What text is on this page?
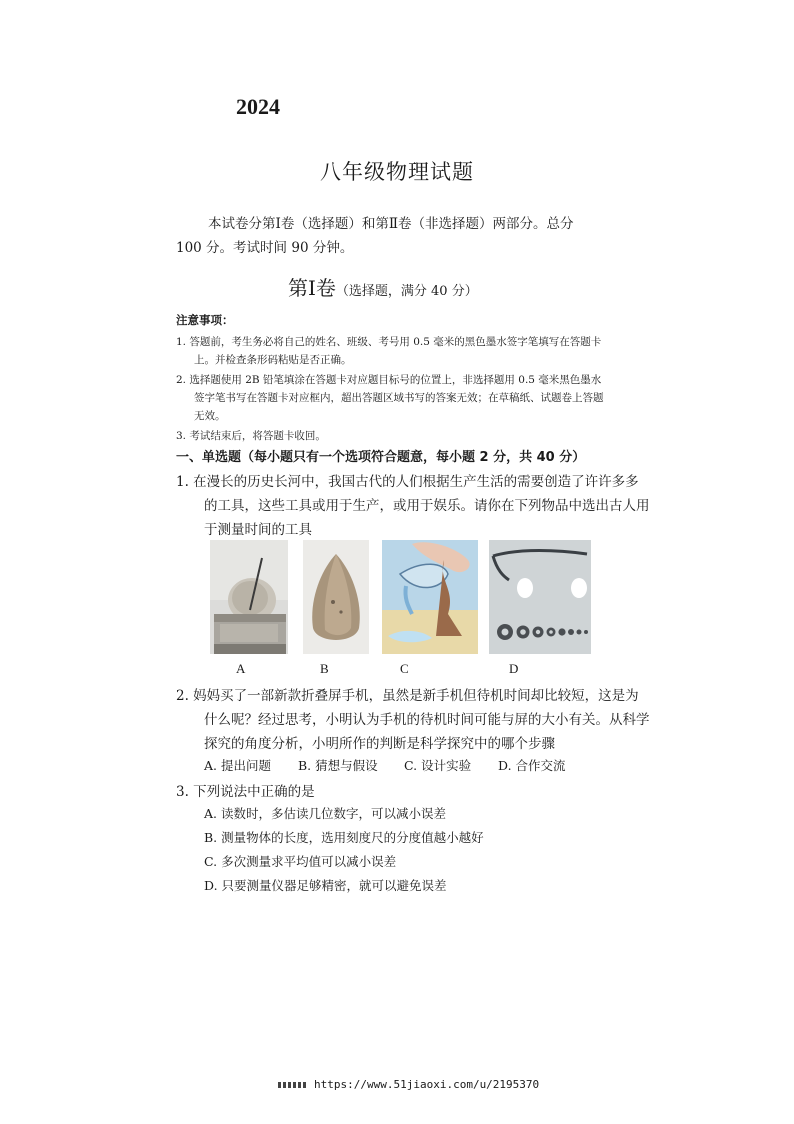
2024
八年级物理试题
本试卷分第Ⅰ卷（选择题）和第Ⅱ卷（非选择题）两部分。总分
100 分。考试时间 90 分钟。
第Ⅰ卷（选择题，满分 40 分）
注意事项：
1. 答题前，考生务必将自己的姓名、班级、考号用 0.5 毫米的黑色墨水签字笔填写在答题卡
上。并检查条形码粘贴是否正确。
2. 选择题使用 2B 铅笔填涂在答题卡对应题目标号的位置上，非选择题用 0.5 毫米黑色墨水
签字笔书写在答题卡对应框内，超出答题区域书写的答案无效；在草稿纸、试题卷上答题
无效。
3. 考试结束后，将答题卡收回。
一、单选题（每小题只有一个选项符合题意，每小题 2 分，共 40 分）
1. 在漫长的历史长河中，我国古代的人们根据生产生活的需要创造了许许多多
的工具，这些工具或用于生产，或用于娱乐。请你在下列物品中选出古人用
于测量时间的工具
A	B	C	D
2. 妈妈买了一部新款折叠屏手机，虽然是新手机但待机时间却比较短，这是为
什么呢？经过思考，小明认为手机的待机时间可能与屏的大小有关。从科学
探究的角度分析，小明所作的判断是科学探究中的哪个步骤
A. 提出问题 B. 猜想与假设 C. 设计实验 D. 合作交流
3. 下列说法中正确的是
A. 读数时，多估读几位数字，可以减小误差
B. 测量物体的长度，选用刻度尺的分度值越小越好
C. 多次测量求平均值可以减小误差
D. 只要测量仪器足够精密，就可以避免误差
https://www.51jiaoxi.com/u/2195370
